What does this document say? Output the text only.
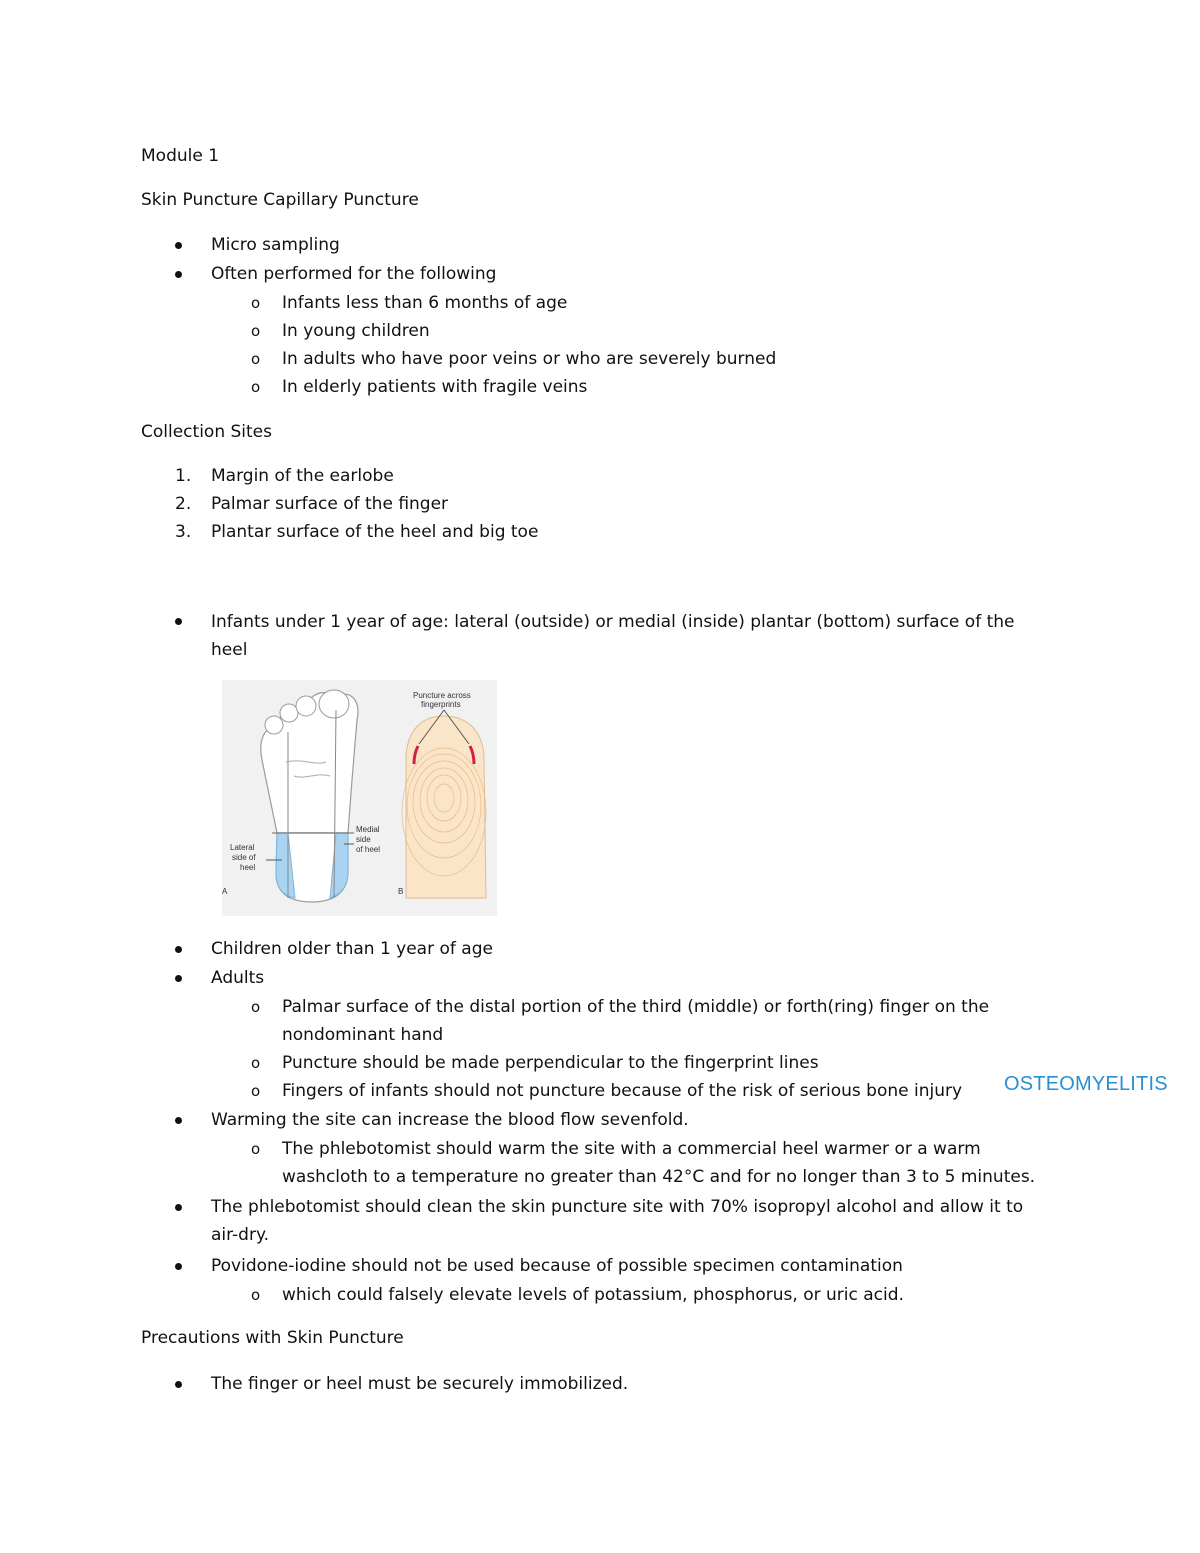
Module 1
Skin Puncture Capillary Puncture
Micro sampling
Often performed for the following
o Infants less than 6 months of age
o In young children
o In adults who have poor veins or who are severely burned
o In elderly patients with fragile veins
Collection Sites
1. Margin of the earlobe
2. Palmar surface of the finger
3. Plantar surface of the heel and big toe
Infants under 1 year of age: lateral (outside) or medial (inside) plantar (bottom) surface of the
heel
Lateral
side of
heel
Medial
side
of heel
A
Puncture across
fingerprints
B
Children older than 1 year of age
Adults
o Palmar surface of the distal portion of the third (middle) or forth(ring) finger on the
nondominant hand
o Puncture should be made perpendicular to the fingerprint lines
o Fingers of infants should not puncture because of the risk of serious bone injury OSTEOMYELITIS
Warming the site can increase the blood flow sevenfold.
o The phlebotomist should warm the site with a commercial heel warmer or a warm
washcloth to a temperature no greater than 42°C and for no longer than 3 to 5 minutes.
The phlebotomist should clean the skin puncture site with 70% isopropyl alcohol and allow it to
air-dry.
Povidone-iodine should not be used because of possible specimen contamination
o which could falsely elevate levels of potassium, phosphorus, or uric acid.
Precautions with Skin Puncture
The finger or heel must be securely immobilized.
